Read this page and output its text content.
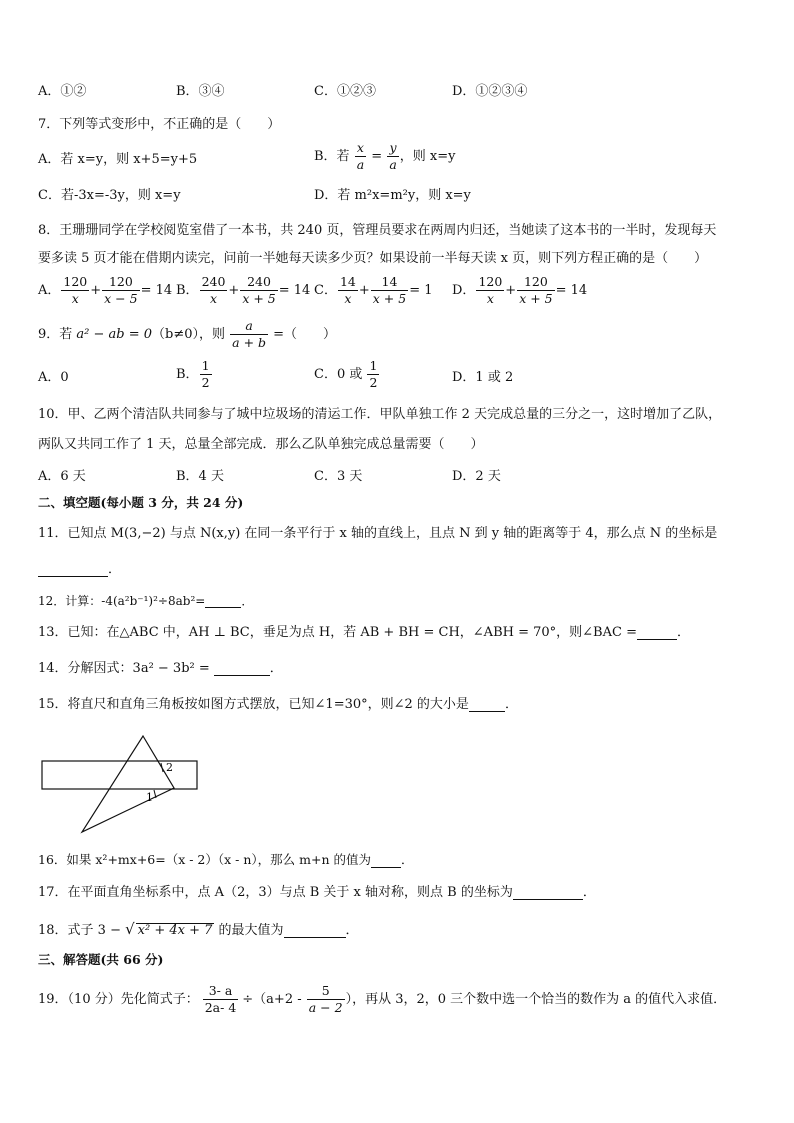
A．①②	B．③④	C．①②③	D．①②③④
7．下列等式变形中，不正确的是（　　）
A．若 x=y，则 x+5=y+5	B．若 $\frac{x}{a} = \frac{y}{a}$ ，则 x=y
C．若-3x=-3y，则 x=y	D．若 m²x=m²y，则 x=y
8．王珊珊同学在学校阅览室借了一本书，共 240 页，管理员要求在两周内归还，当她读了这本书的一半时，发现每天
要多读 5 页才能在借期内读完，问前一半她每天读多少页？如果设前一半每天读 x 页，则下列方程正确的是（　　）
A． $\frac{120}{x} + \frac{120}{x - 5} = 14$ B． $\frac{240}{x} + \frac{240}{x + 5} = 14$ C． $\frac{14}{x} + \frac{14}{x + 5} = 1$ D． $\frac{120}{x} + \frac{120}{x + 5} = 14$
9．若 a² − ab = 0（b≠0），则 $\frac{a}{a + b}$ =（　　）
A．0	B． $\frac{1}{2}$	C．0 或 $\frac{1}{2}$	D．1 或 2
10．甲、乙两个清洁队共同参与了城中垃圾场的清运工作．甲队单独工作 2 天完成总量的三分之一，这时增加了乙队，
两队又共同工作了 1 天，总量全部完成．那么乙队单独完成总量需要（　　）
A．6 天	B．4 天	C．3 天	D．2 天
二、填空题(每小题 3 分，共 24 分)
11．已知点 M(3,−2) 与点 N(x,y) 在同一条平行于 x 轴的直线上，且点 N 到 y 轴的距离等于 4，那么点 N 的坐标是
．
12．计算：-4(a²b⁻¹)²÷8ab²=	．
13．已知：在△ABC 中，AH ⊥ BC，垂足为点 H，若 AB + BH = CH，∠ABH = 70°，则∠BAC =	．
14．分解因式：3a² − 3b² =	．
15．将直尺和直角三角板按如图方式摆放，已知∠1=30°，则∠2 的大小是	．
2
1
16．如果 x²+mx+6=（x - 2）（x - n），那么 m+n 的值为 ．
17．在平面直角坐标系中，点 A（2，3）与点 B 关于 x 轴对称，则点 B 的坐标为	．
18．式子 3 − √ x² + 4x + 7 的最大值为	．
三、解答题(共 66 分)
19．（10 分）先化简式子： $\frac{3- a}{2a- 4} \div(a+2 - \frac{5}{a - 2}$ ），再从 3，2，0 三个数中选一个恰当的数作为 a 的值代入求值．
